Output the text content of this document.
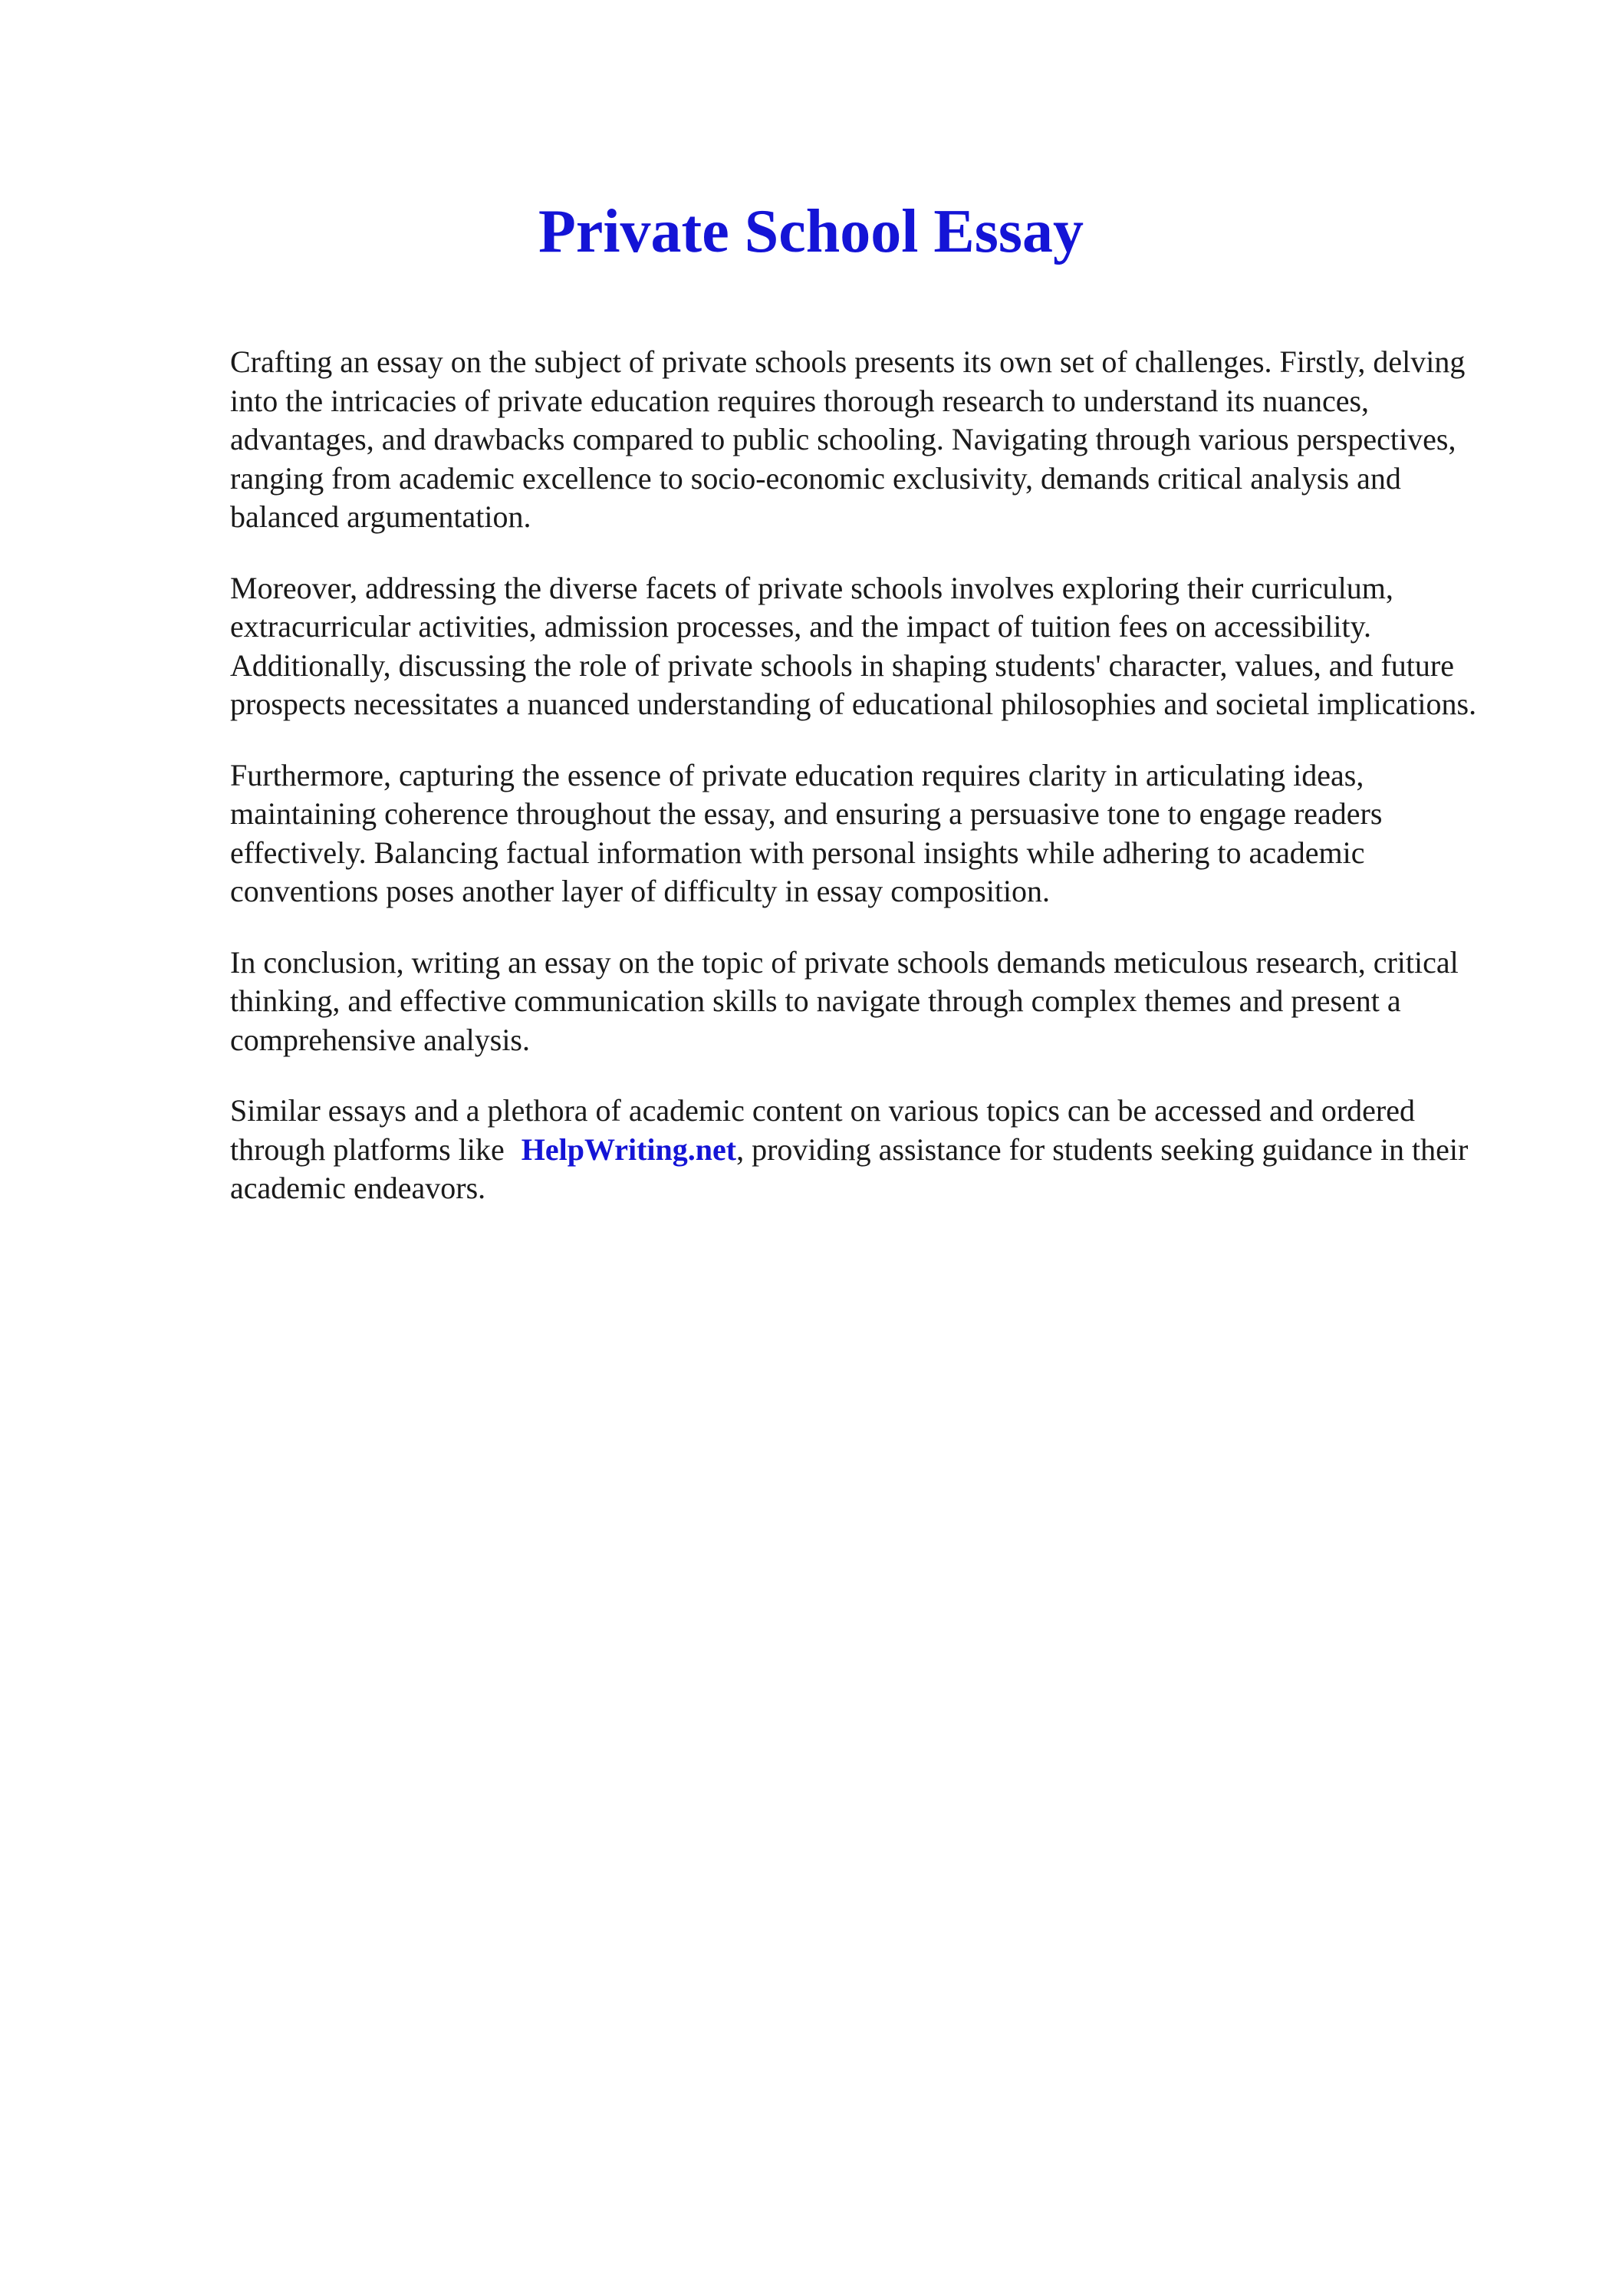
Private School Essay

Crafting an essay on the subject of private schools presents its own set of challenges. Firstly, delving into the intricacies of private education requires thorough research to understand its nuances, advantages, and drawbacks compared to public schooling. Navigating through various perspectives, ranging from academic excellence to socio-economic exclusivity, demands critical analysis and balanced argumentation.

Moreover, addressing the diverse facets of private schools involves exploring their curriculum, extracurricular activities, admission processes, and the impact of tuition fees on accessibility. Additionally, discussing the role of private schools in shaping students' character, values, and future prospects necessitates a nuanced understanding of educational philosophies and societal implications.

Furthermore, capturing the essence of private education requires clarity in articulating ideas, maintaining coherence throughout the essay, and ensuring a persuasive tone to engage readers effectively. Balancing factual information with personal insights while adhering to academic conventions poses another layer of difficulty in essay composition.

In conclusion, writing an essay on the topic of private schools demands meticulous research, critical thinking, and effective communication skills to navigate through complex themes and present a comprehensive analysis.

Similar essays and a plethora of academic content on various topics can be accessed and ordered through platforms like HelpWriting.net, providing assistance for students seeking guidance in their academic endeavors.
